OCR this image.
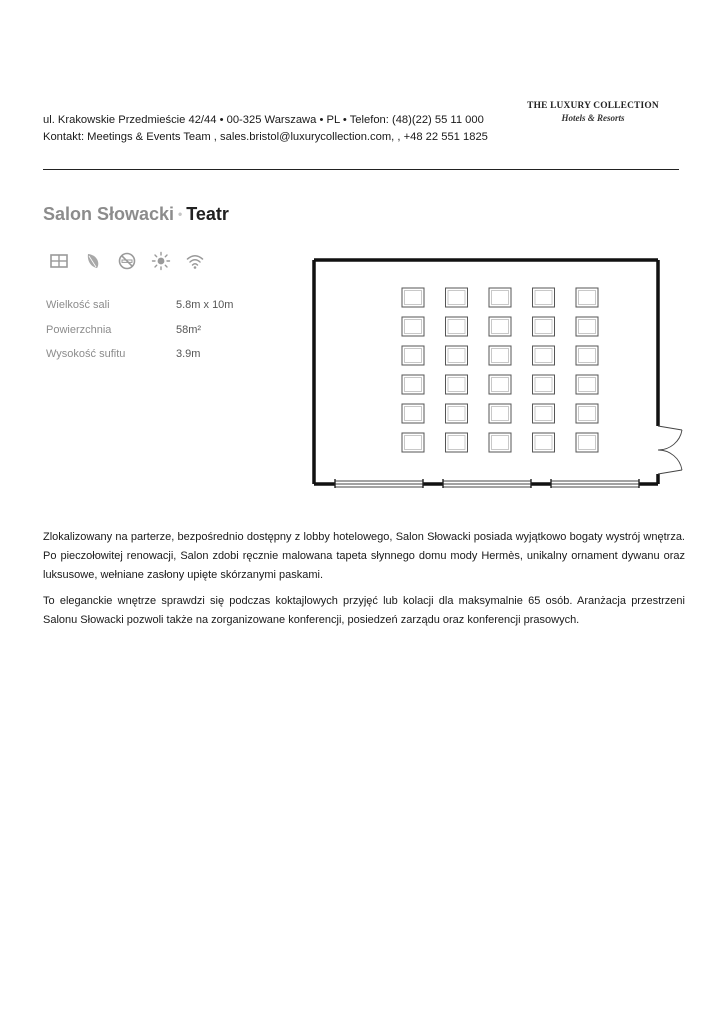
ul. Krakowskie Przedmieście 42/44 • 00-325 Warszawa • PL • Telefon: (48)(22) 55 11 000
Kontakt: Meetings & Events Team , sales.bristol@luxurycollection.com, , +48 22 551 1825
THE LUXURY COLLECTION
Hotels & Resorts
Salon Słowacki • Teatr
Wielkość sali	5.8m x 10m
Powierzchnia	58m²
Wysokość sufitu	3.9m

Zlokalizowany na parterze, bezpośrednio dostępny z lobby hotelowego, Salon Słowacki posiada wyjątkowo bogaty wystrój wnętrza. Po pieczołowitej renowacji, Salon zdobi ręcznie malowana tapeta słynnego domu mody Hermès, unikalny ornament dywanu oraz luksusowe, wełniane zasłony upięte skórzanymi paskami.

To eleganckie wnętrze sprawdzi się podczas koktajlowych przyjęć lub kolacji dla maksymalnie 65 osób. Aranżacja przestrzeni Salonu Słowacki pozwoli także na zorganizowane konferencji, posiedzeń zarządu oraz konferencji prasowych.
